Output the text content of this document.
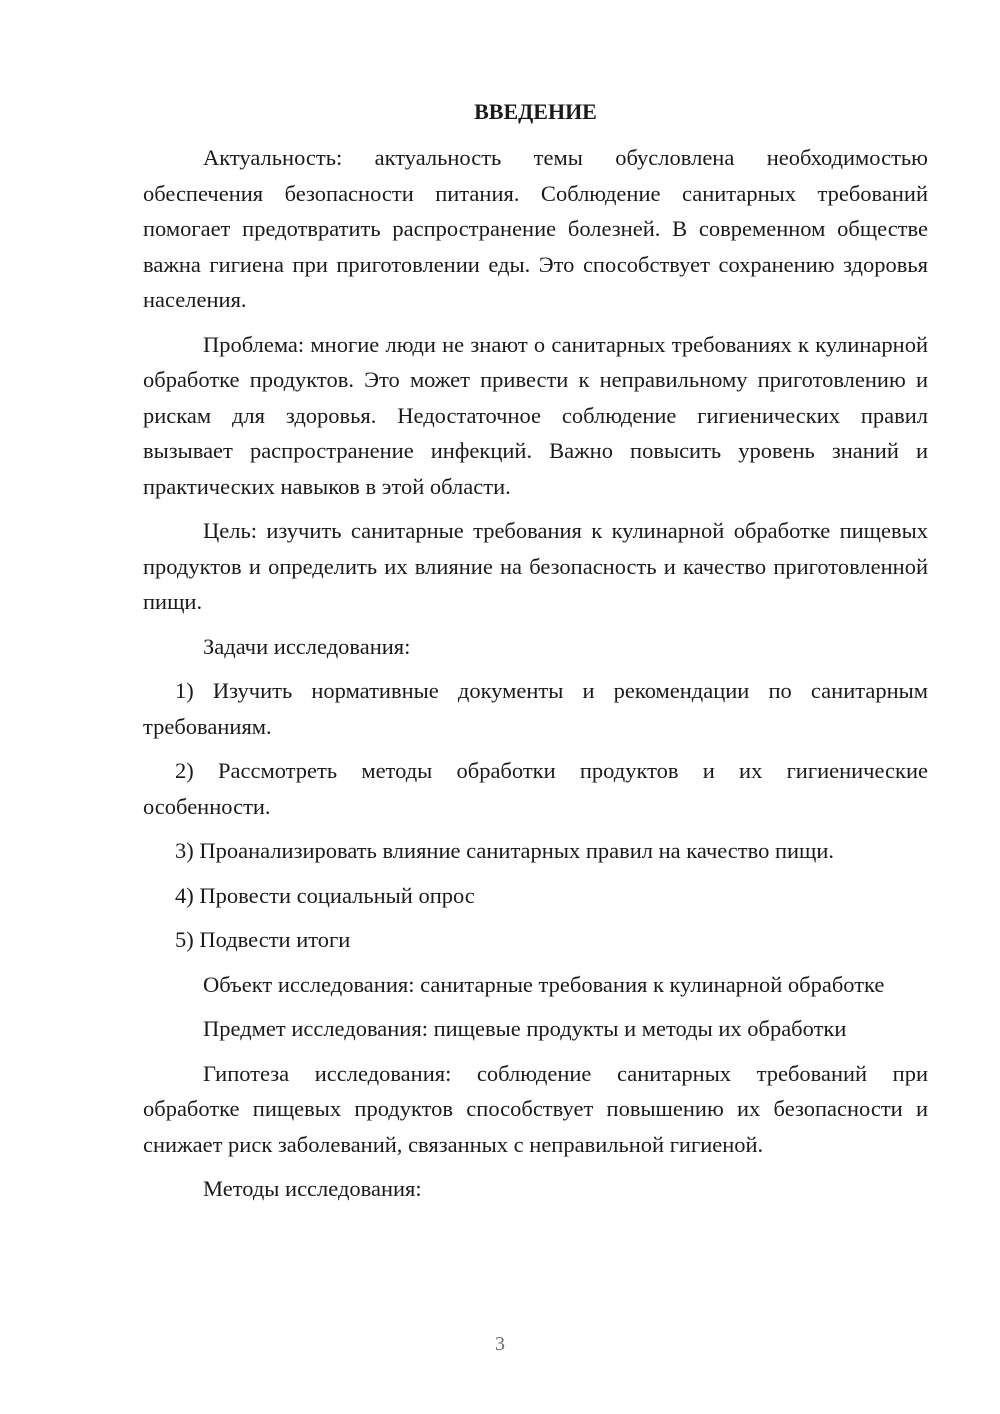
ВВЕДЕНИЕ

Актуальность: актуальность темы обусловлена необходимостью обеспечения безопасности питания. Соблюдение санитарных требований помогает предотвратить распространение болезней. В современном обществе важна гигиена при приготовлении еды. Это способствует сохранению здоровья населения.

Проблема: многие люди не знают о санитарных требованиях к кулинарной обработке продуктов. Это может привести к неправильному приготовлению и рискам для здоровья. Недостаточное соблюдение гигиенических правил вызывает распространение инфекций. Важно повысить уровень знаний и практических навыков в этой области.

Цель: изучить санитарные требования к кулинарной обработке пищевых продуктов и определить их влияние на безопасность и качество приготовленной пищи.

Задачи исследования:

1) Изучить нормативные документы и рекомендации по санитарным требованиям.

2) Рассмотреть методы обработки продуктов и их гигиенические особенности.

3) Проанализировать влияние санитарных правил на качество пищи.

4) Провести социальный опрос

5) Подвести итоги

Объект исследования: санитарные требования к кулинарной обработке

Предмет исследования: пищевые продукты и методы их обработки

Гипотеза исследования: соблюдение санитарных требований при обработке пищевых продуктов способствует повышению их безопасности и снижает риск заболеваний, связанных с неправильной гигиеной.

Методы исследования:

3
